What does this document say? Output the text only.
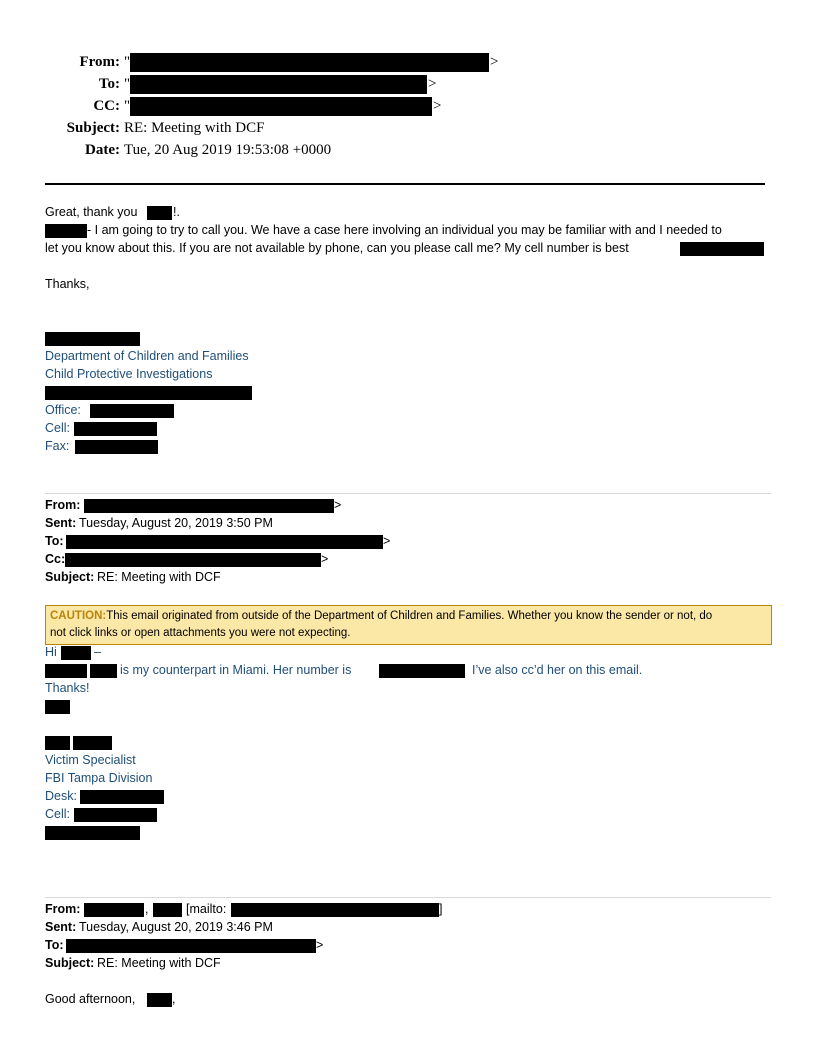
From: "	>
To: "	>
CC: "	>
Subject: RE: Meeting with DCF
Date: Tue, 20 Aug 2019 19:53:08 +0000
Great, thank you	!.
- I am going to try to call you. We have a case here involving an individual you may be familiar with and I needed to
let you know about this. If you are not available by phone, can you please call me? My cell number is best
Thanks,
Department of Children and Families
Child Protective Investigations
Office:
Cell:
Fax:
From:	>
Sent: Tuesday, August 20, 2019 3:50 PM
To:	>
Cc:	>
Subject: RE: Meeting with DCF
CAUTION:This email originated from outside of the Department of Children and Families. Whether you know the sender or not, do
not click links or open attachments you were not expecting.
Hi	–
is my counterpart in Miami. Her number is	I’ve also cc’d her on this email.
Thanks!
Victim Specialist
FBI Tampa Division
Desk:
Cell:
From:	,	[mailto:	]
Sent: Tuesday, August 20, 2019 3:46 PM
To:	>
Subject: RE: Meeting with DCF
Good afternoon,	,
